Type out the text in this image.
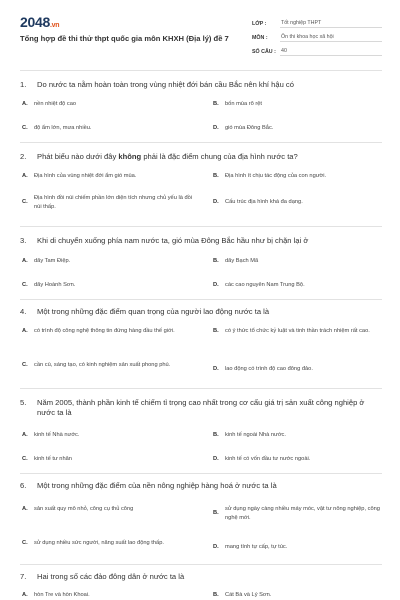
2048.vn
Tổng hợp đề thi thử thpt quốc gia môn KHXH (Địa lý) đề 7
LỚP :	Tốt nghiệp THPT
MÔN :	Ôn thi khoa học xã hội
SỐ CÂU : 40
1.	Do nước ta nằm hoàn toàn trong vùng nhiệt đới bán cầu Bắc nên khí hậu có
A.	nền nhiệt độ cao	B.	bốn mùa rõ rệt
C.	độ ẩm lớn, mưa nhiều.	D.	gió mùa Đông Bắc.
2.	Phát biểu nào dưới đây không phải là đặc điểm chung của địa hình nước ta?
A.	Địa hình của vùng nhiệt đới ẩm gió mùa.	B.	Địa hình ít chịu tác động của con người.
C.
Địa hình đồi núi chiếm phần lớn diện tích nhưng chủ yếu là đồi núi thấp.
D.	Cấu trúc địa hình khá đa dạng.
3.	Khi di chuyển xuống phía nam nước ta, gió mùa Đông Bắc hầu như bị chặn lại ở
A.	dãy Tam Điệp.	B.	dãy Bạch Mã
C.	dãy Hoành Sơn.	D.	các cao nguyên Nam Trung Bộ.
4.	Một trong những đặc điểm quan trọng của người lao động nước ta là
A.	có trình độ công nghệ thông tin đứng hàng đầu thế giới.	B.	có ý thức tổ chức kỷ luật và tinh thần trách nhiệm rất cao.
C.	cần cù, sáng tạo, có kinh nghiệm sản xuất phong phú.
D.	lao động có trình độ cao đông đảo.
5.	Năm 2005, thành phần kinh tế chiếm tỉ trọng cao nhất trong cơ cấu giá trị sản xuất công nghiệp ở nước ta là
A.	kinh tế Nhà nước.	B.	kinh tế ngoài Nhà nước.
C.	kinh tế tư nhân	D.	kinh tế có vốn đầu tư nước ngoài.
6.	Một trong những đặc điểm của nền nông nghiệp hàng hoá ở nước ta là
A.	sản xuất quy mô nhỏ, công cụ thủ công
B.
sử dụng ngày càng nhiều máy móc, vật tư nông nghiệp, công nghệ mới.
C.	sử dụng nhiều sức người, năng suất lao động thấp.
D.	mang tính tự cấp, tự túc.
7.	Hai trong số các đảo đông dân ở nước ta là
A.	hòn Tre và hòn Khoai.	B.	Cát Bà và Lý Sơn.
